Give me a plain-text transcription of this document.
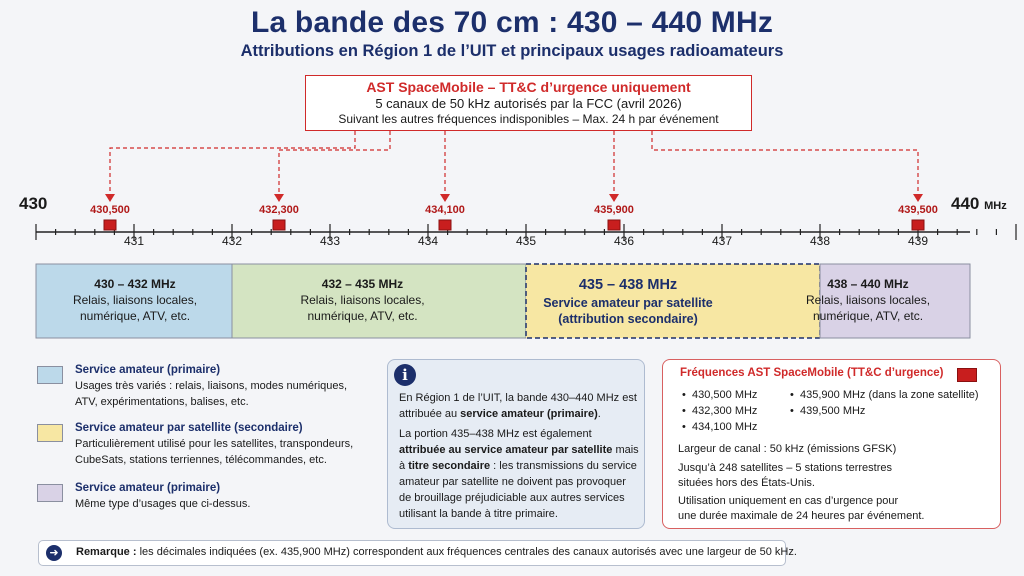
La bande des 70 cm : 430 – 440 MHz
Attributions en Région 1 de l’UIT et principaux usages radioamateurs
430	440 MHz
431	432	433	434	435	436	437	438	439
430,500	432,300	434,100	435,900	439,500
AST SpaceMobile – TT&C d’urgence uniquement
5 canaux de 50 kHz autorisés par la FCC (avril 2026)
Suivant les autres fréquences indisponibles – Max. 24 h par événement
430 – 432 MHz
Relais, liaisons locales,
numérique, ATV, etc.
432 – 435 MHz
Relais, liaisons locales,
numérique, ATV, etc.
435 – 438 MHz
Service amateur par satellite
(attribution secondaire)
438 – 440 MHz
Relais, liaisons locales,
numérique, ATV, etc.
Service amateur (primaire)
Usages très variés : relais, liaisons, modes numériques, ATV, expérimentations, balises, etc.
Service amateur par satellite (secondaire)
Particulièrement utilisé pour les satellites, transpondeurs, CubeSats, stations terriennes, télécommandes, etc.
Service amateur (primaire)
Même type d’usages que ci-dessus.
i
En Région 1 de l’UIT, la bande 430–440 MHz est attribuée au service amateur (primaire).
La portion 435–438 MHz est également attribuée au service amateur par satellite mais à titre secondaire : les transmissions du service amateur par satellite ne doivent pas provoquer de brouillage préjudiciable aux autres services utilisant la bande à titre primaire.
Fréquences AST SpaceMobile (TT&C d’urgence)
• 430,500 MHz
• 432,300 MHz
• 434,100 MHz
• 435,900 MHz (dans la zone satellite)
• 439,500 MHz
Largeur de canal : 50 kHz (émissions GFSK)
Jusqu’à 248 satellites – 5 stations terrestres
situées hors des États-Unis.
Utilisation uniquement en cas d’urgence pour
une durée maximale de 24 heures par événement.
➜	Remarque : les décimales indiquées (ex. 435,900 MHz) correspondent aux fréquences centrales des canaux autorisés avec une largeur de 50 kHz.
